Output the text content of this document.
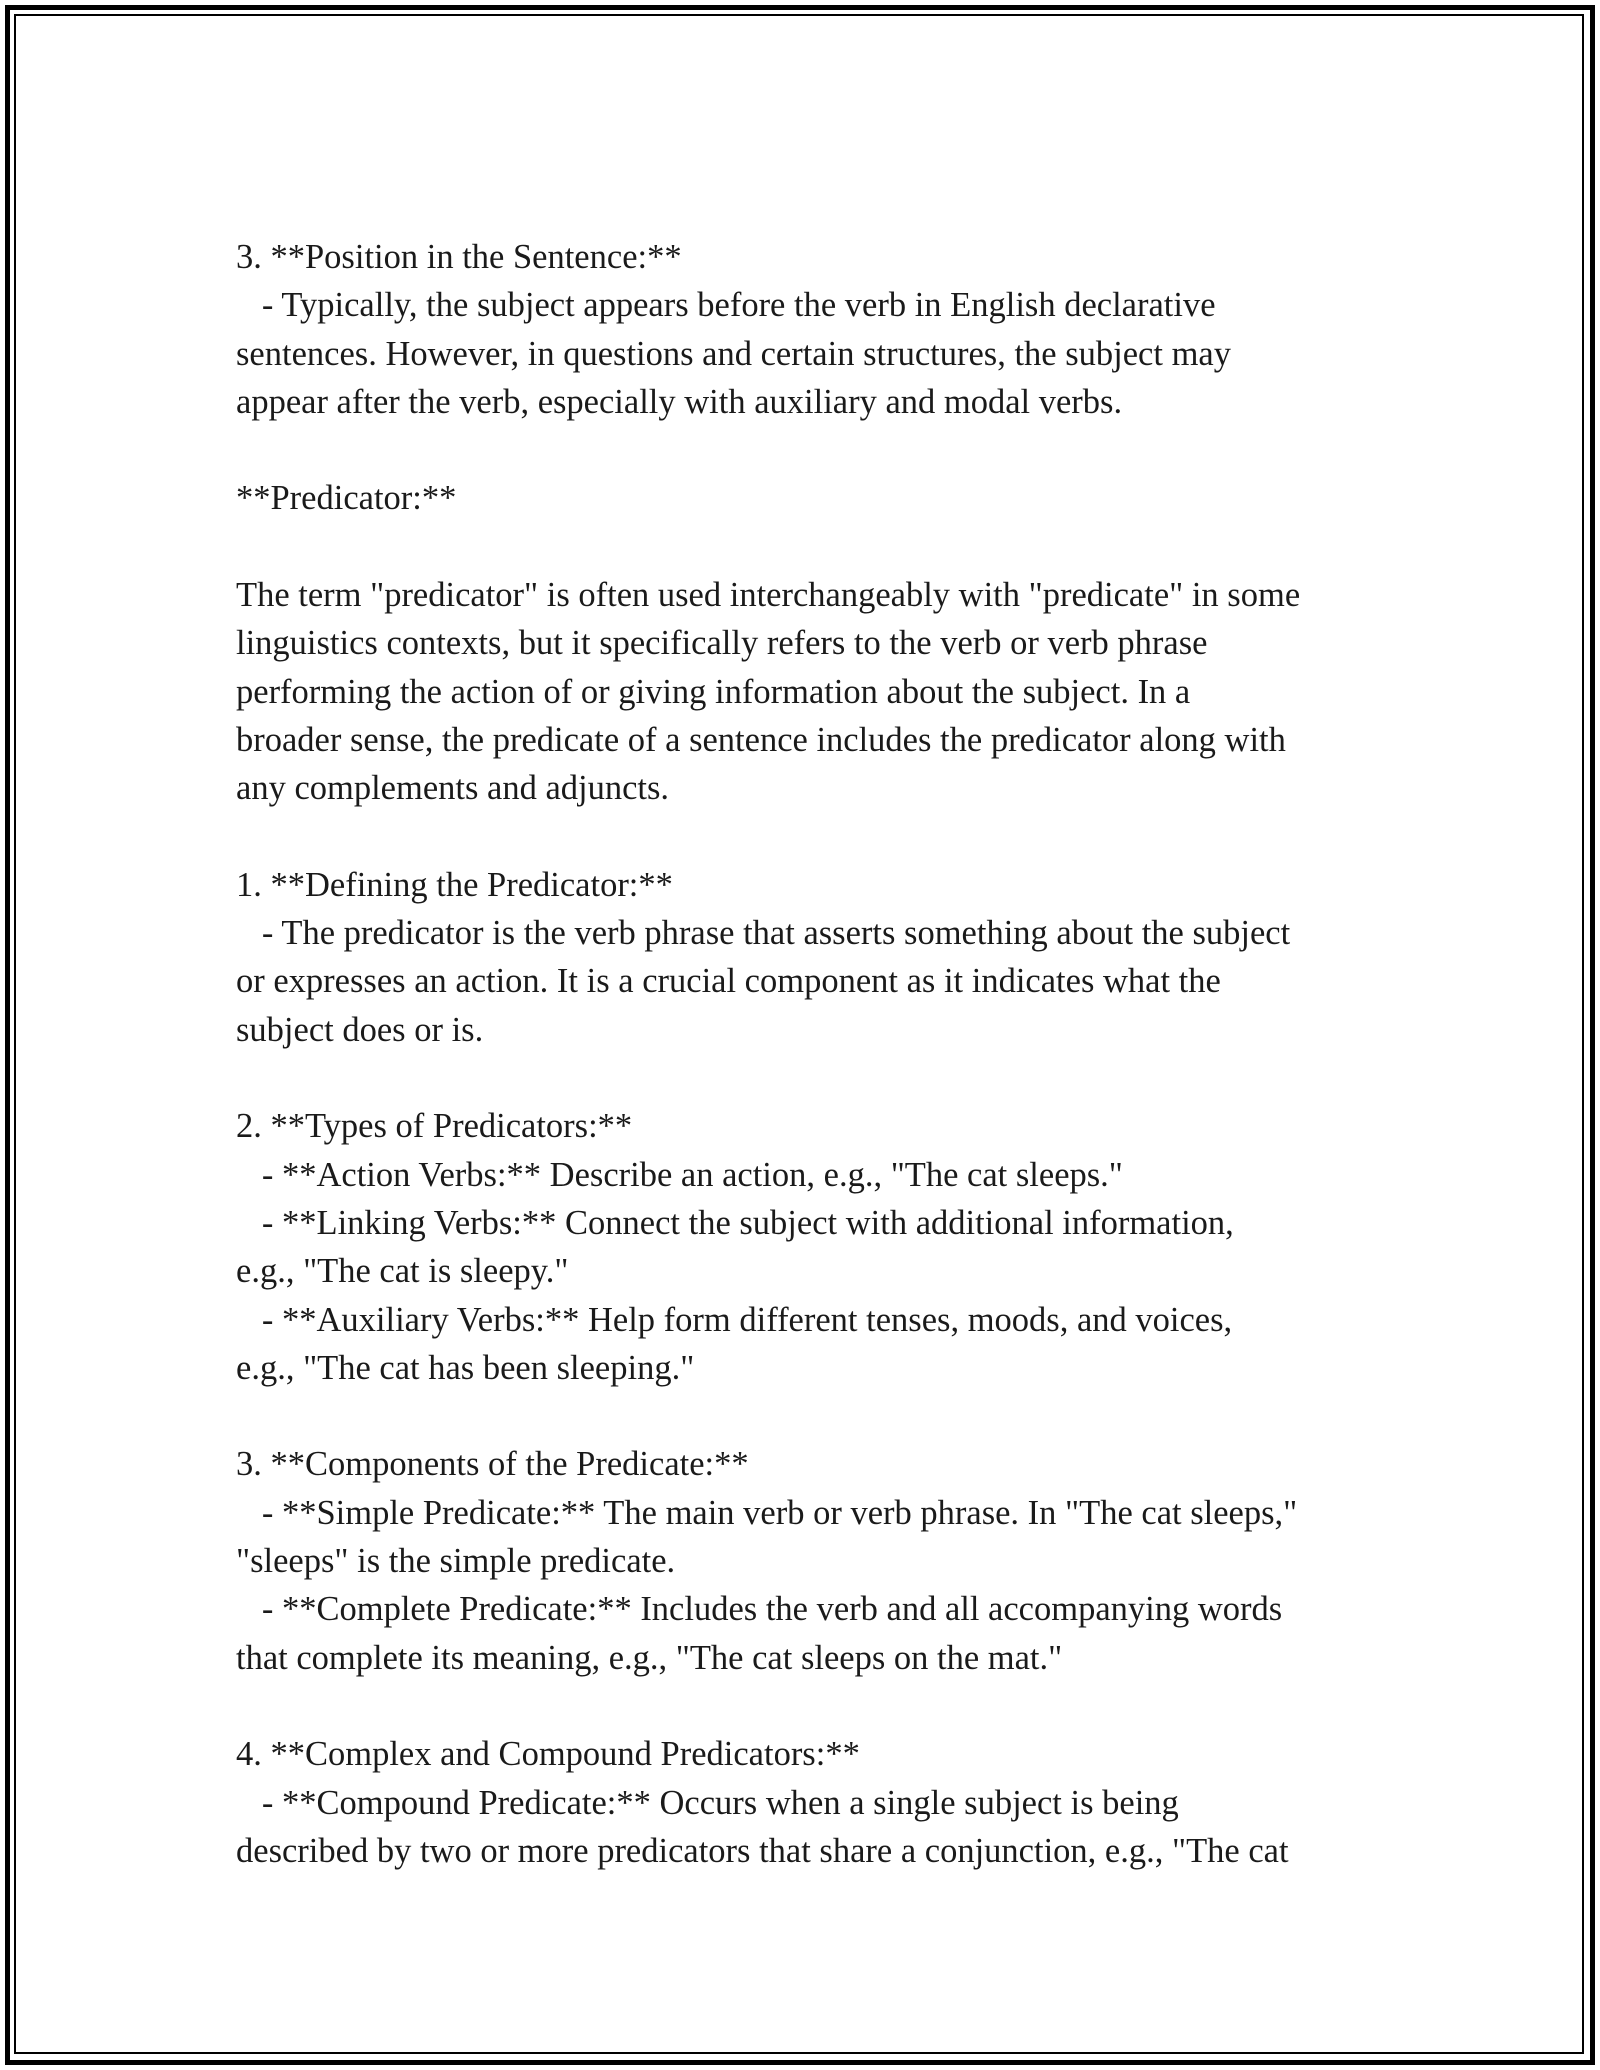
3. **Position in the Sentence:**
- Typically, the subject appears before the verb in English declarative
sentences. However, in questions and certain structures, the subject may
appear after the verb, especially with auxiliary and modal verbs.
**Predicator:**
The term "predicator" is often used interchangeably with "predicate" in some
linguistics contexts, but it specifically refers to the verb or verb phrase
performing the action of or giving information about the subject. In a
broader sense, the predicate of a sentence includes the predicator along with
any complements and adjuncts.
1. **Defining the Predicator:**
- The predicator is the verb phrase that asserts something about the subject
or expresses an action. It is a crucial component as it indicates what the
subject does or is.
2. **Types of Predicators:**
- **Action Verbs:** Describe an action, e.g., "The cat sleeps."
- **Linking Verbs:** Connect the subject with additional information,
e.g., "The cat is sleepy."
- **Auxiliary Verbs:** Help form different tenses, moods, and voices,
e.g., "The cat has been sleeping."
3. **Components of the Predicate:**
- **Simple Predicate:** The main verb or verb phrase. In "The cat sleeps,"
"sleeps" is the simple predicate.
- **Complete Predicate:** Includes the verb and all accompanying words
that complete its meaning, e.g., "The cat sleeps on the mat."
4. **Complex and Compound Predicators:**
- **Compound Predicate:** Occurs when a single subject is being
described by two or more predicators that share a conjunction, e.g., "The cat
